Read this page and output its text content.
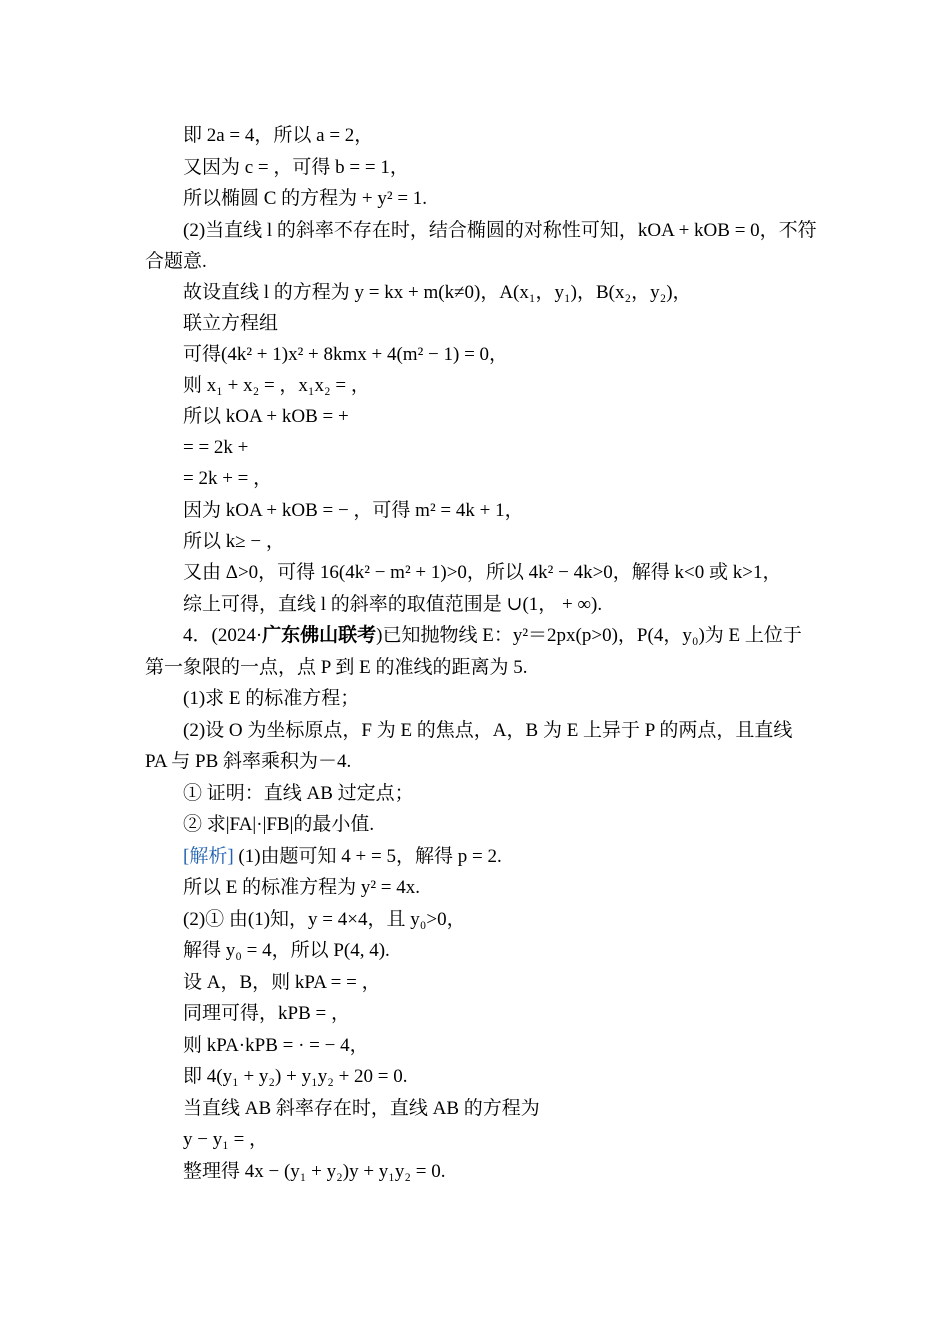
即 2a = 4，所以 a = 2，
又因为 c = ，可得 b = = 1，
所以椭圆 C 的方程为 + y² = 1.
(2)当直线 l 的斜率不存在时，结合椭圆的对称性可知，kOA + kOB = 0，不符
合题意.
故设直线 l 的方程为 y = kx + m(k≠0)，A(x₁，y₁)，B(x₂，y₂)，
联立方程组
可得(4k² + 1)x² + 8kmx + 4(m² − 1) = 0，
则 x₁ + x₂ = ，x₁x₂ = ，
所以 kOA + kOB = +
= = 2k +
= 2k + = ，
因为 kOA + kOB = − ，可得 m² = 4k + 1，
所以 k≥ − ，
又由 Δ>0，可得 16(4k² − m² + 1)>0，所以 4k² − 4k>0，解得 k<0 或 k>1，
综上可得，直线 l 的斜率的取值范围是 ∪(1， + ∞).
4．(2024·广东佛山联考)已知抛物线 E：y²＝2px(p>0)，P(4，y₀)为 E 上位于
第一象限的一点，点 P 到 E 的准线的距离为 5.
(1)求 E 的标准方程；
(2)设 O 为坐标原点，F 为 E 的焦点，A，B 为 E 上异于 P 的两点，且直线
PA 与 PB 斜率乘积为－4.
① 证明：直线 AB 过定点；
② 求|FA|·|FB|的最小值.
[解析] (1)由题可知 4 + = 5，解得 p = 2.
所以 E 的标准方程为 y² = 4x.
(2)① 由(1)知，y = 4×4，且 y₀>0，
解得 y₀ = 4，所以 P(4, 4).
设 A，B，则 kPA = = ，
同理可得，kPB = ，
则 kPA·kPB = · = − 4，
即 4(y₁ + y₂) + y₁y₂ + 20 = 0.
当直线 AB 斜率存在时，直线 AB 的方程为
y − y₁ = ，
整理得 4x − (y₁ + y₂)y + y₁y₂ = 0.
